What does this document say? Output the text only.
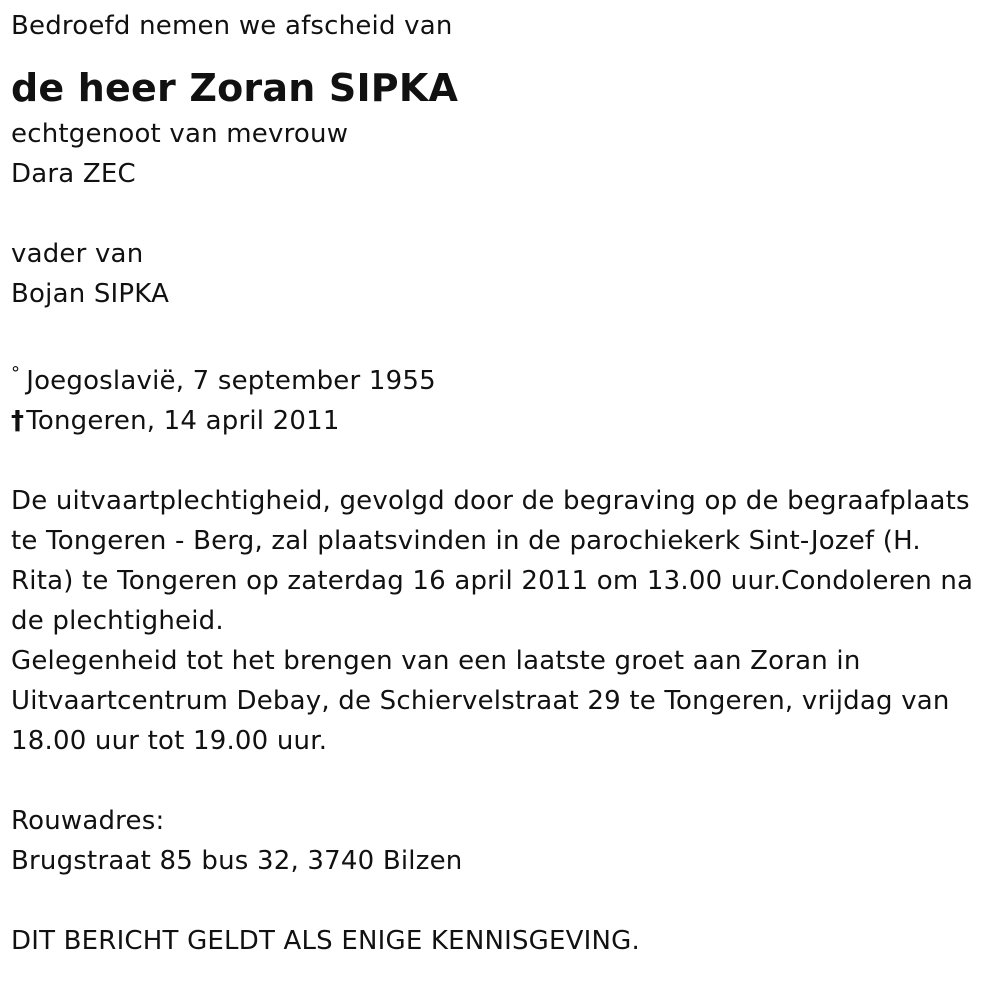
Bedroefd nemen we afscheid van
de heer Zoran SIPKA
echtgenoot van mevrouw
Dara ZEC
vader van
Bojan SIPKA
° Joegoslavië, 7 september 1955
†Tongeren, 14 april 2011
De uitvaartplechtigheid, gevolgd door de begraving op de begraafplaats te Tongeren - Berg, zal plaatsvinden in de parochiekerk Sint-Jozef (H. Rita) te Tongeren op zaterdag 16 april 2011 om 13.00 uur.Condoleren na de plechtigheid.
Gelegenheid tot het brengen van een laatste groet aan Zoran in Uitvaartcentrum Debay, de Schiervelstraat 29 te Tongeren, vrijdag van 18.00 uur tot 19.00 uur.
Rouwadres:
Brugstraat 85 bus 32, 3740 Bilzen
DIT BERICHT GELDT ALS ENIGE KENNISGEVING.
